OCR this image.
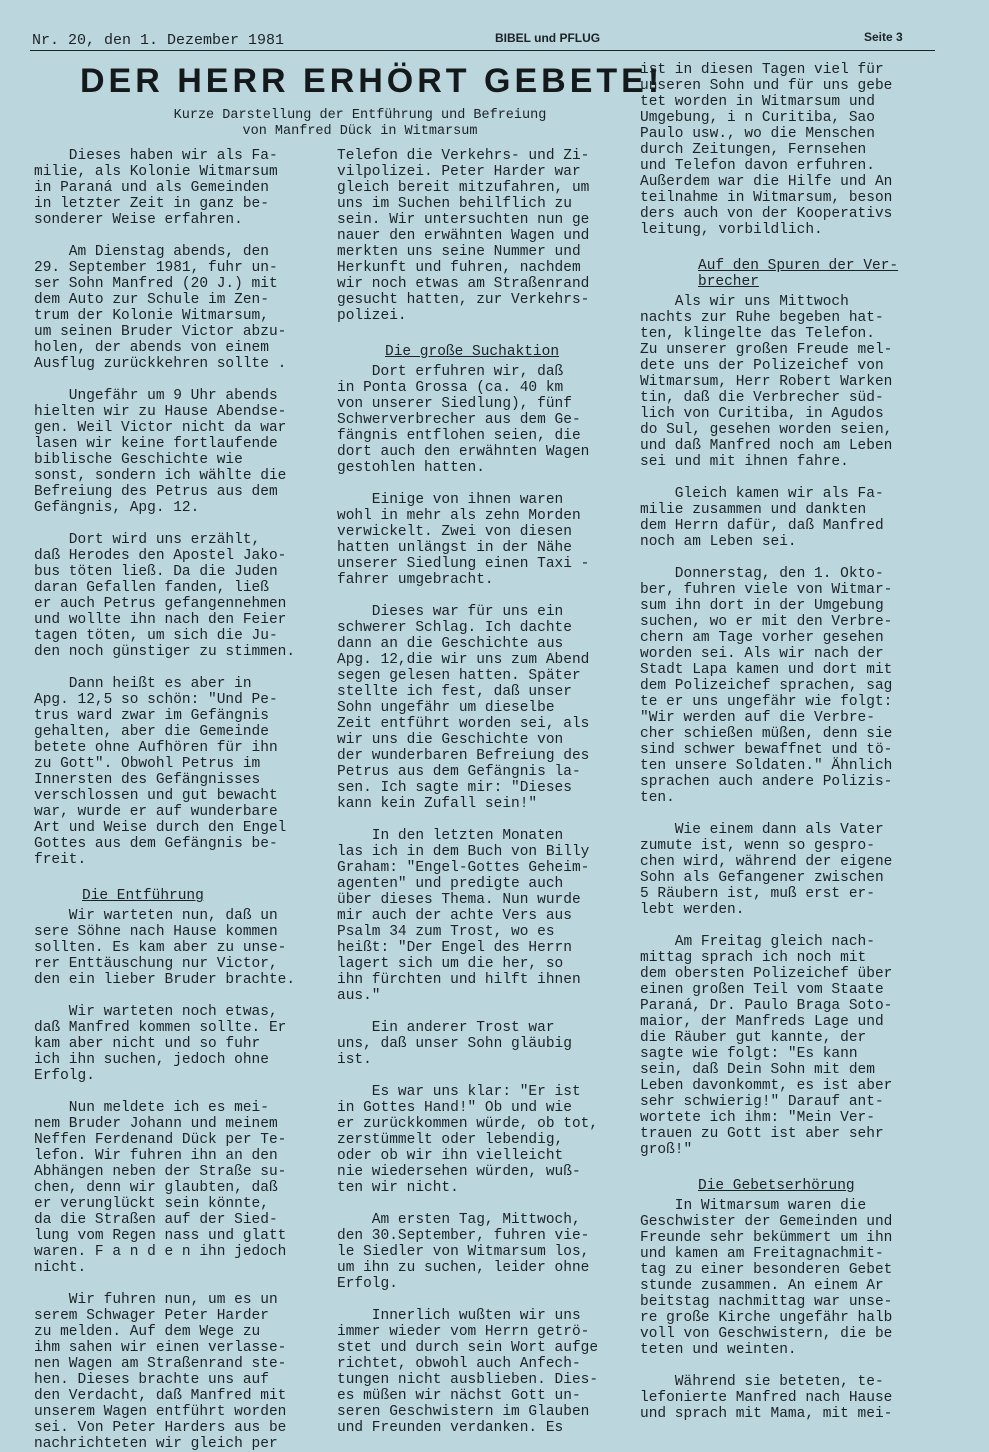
Nr. 20, den 1. Dezember 1981	BIBEL und PFLUG	Seite 3
DER HERR ERHÖRT GEBETE!
Kurze Darstellung der Entführung und Befreiung
von Manfred Dück in Witmarsum
Dieses haben wir als Fa-
milie, als Kolonie Witmarsum
in Paraná und als Gemeinden
in letzter Zeit in ganz be-
sonderer Weise erfahren.

Am Dienstag abends, den
29. September 1981, fuhr un-
ser Sohn Manfred (20 J.) mit
dem Auto zur Schule im Zen-
trum der Kolonie Witmarsum,
um seinen Bruder Victor abzu-
holen, der abends von einem
Ausflug zurückkehren sollte .

Ungefähr um 9 Uhr abends
hielten wir zu Hause Abendse-
gen. Weil Victor nicht da war
lasen wir keine fortlaufende
biblische Geschichte wie
sonst, sondern ich wählte die
Befreiung des Petrus aus dem
Gefängnis, Apg. 12.

Dort wird uns erzählt,
daß Herodes den Apostel Jako-
bus töten ließ. Da die Juden
daran Gefallen fanden, ließ
er auch Petrus gefangennehmen
und wollte ihn nach den Feier
tagen töten, um sich die Ju-
den noch günstiger zu stimmen.

Dann heißt es aber in
Apg. 12,5 so schön: "Und Pe-
trus ward zwar im Gefängnis
gehalten, aber die Gemeinde
betete ohne Aufhören für ihn
zu Gott". Obwohl Petrus im
Innersten des Gefängnisses
verschlossen und gut bewacht
war, wurde er auf wunderbare
Art und Weise durch den Engel
Gottes aus dem Gefängnis be-
freit.

Die Entführung

Wir warteten nun, daß un
sere Söhne nach Hause kommen
sollten. Es kam aber zu unse-
rer Enttäuschung nur Victor,
den ein lieber Bruder brachte.

Wir warteten noch etwas,
daß Manfred kommen sollte. Er
kam aber nicht und so fuhr
ich ihn suchen, jedoch ohne
Erfolg.

Nun meldete ich es mei-
nem Bruder Johann und meinem
Neffen Ferdenand Dück per Te-
lefon. Wir fuhren ihn an den
Abhängen neben der Straße su-
chen, denn wir glaubten, daß
er verunglückt sein könnte,
da die Straßen auf der Sied-
lung vom Regen nass und glatt
waren. F a n d e n ihn jedoch
nicht.

Wir fuhren nun, um es un
serem Schwager Peter Harder
zu melden. Auf dem Wege zu
ihm sahen wir einen verlasse-
nen Wagen am Straßenrand ste-
hen. Dieses brachte uns auf
den Verdacht, daß Manfred mit
unserem Wagen entführt worden
sei. Von Peter Harders aus be
nachrichteten wir gleich per
Telefon die Verkehrs- und Zi-
vilpolizei. Peter Harder war
gleich bereit mitzufahren, um
uns im Suchen behilflich zu
sein. Wir untersuchten nun ge
nauer den erwähnten Wagen und
merkten uns seine Nummer und
Herkunft und fuhren, nachdem
wir noch etwas am Straßenrand
gesucht hatten, zur Verkehrs-
polizei.

Die große Suchaktion

Dort erfuhren wir, daß
in Ponta Grossa (ca. 40 km
von unserer Siedlung), fünf
Schwerverbrecher aus dem Ge-
fängnis entflohen seien, die
dort auch den erwähnten Wagen
gestohlen hatten.

Einige von ihnen waren
wohl in mehr als zehn Morden
verwickelt. Zwei von diesen
hatten unlängst in der Nähe
unserer Siedlung einen Taxi -
fahrer umgebracht.

Dieses war für uns ein
schwerer Schlag. Ich dachte
dann an die Geschichte aus
Apg. 12,die wir uns zum Abend
segen gelesen hatten. Später
stellte ich fest, daß unser
Sohn ungefähr um dieselbe
Zeit entführt worden sei, als
wir uns die Geschichte von
der wunderbaren Befreiung des
Petrus aus dem Gefängnis la-
sen. Ich sagte mir: "Dieses
kann kein Zufall sein!"

In den letzten Monaten
las ich in dem Buch von Billy
Graham: "Engel-Gottes Geheim-
agenten" und predigte auch
über dieses Thema. Nun wurde
mir auch der achte Vers aus
Psalm 34 zum Trost, wo es
heißt: "Der Engel des Herrn
lagert sich um die her, so
ihn fürchten und hilft ihnen
aus."

Ein anderer Trost war
uns, daß unser Sohn gläubig
ist.

Es war uns klar: "Er ist
in Gottes Hand!" Ob und wie
er zurückkommen würde, ob tot,
zerstümmelt oder lebendig,
oder ob wir ihn vielleicht
nie wiedersehen würden, wuß-
ten wir nicht.

Am ersten Tag, Mittwoch,
den 30.September, fuhren vie-
le Siedler von Witmarsum los,
um ihn zu suchen, leider ohne
Erfolg.

Innerlich wußten wir uns
immer wieder vom Herrn getrö-
stet und durch sein Wort aufge
richtet, obwohl auch Anfech-
tungen nicht ausblieben. Dies-
es müßen wir nächst Gott un-
seren Geschwistern im Glauben
und Freunden verdanken. Es
ist in diesen Tagen viel für
unseren Sohn und für uns gebe
tet worden in Witmarsum und
Umgebung, i n Curitiba, Sao
Paulo usw., wo die Menschen
durch Zeitungen, Fernsehen
und Telefon davon erfuhren.
Außerdem war die Hilfe und An
teilnahme in Witmarsum, beson
ders auch von der Kooperativs
leitung, vorbildlich.

Auf den Spuren der Ver-
brecher

Als wir uns Mittwoch
nachts zur Ruhe begeben hat-
ten, klingelte das Telefon.
Zu unserer großen Freude mel-
dete uns der Polizeichef von
Witmarsum, Herr Robert Warken
tin, daß die Verbrecher süd-
lich von Curitiba, in Agudos
do Sul, gesehen worden seien,
und daß Manfred noch am Leben
sei und mit ihnen fahre.

Gleich kamen wir als Fa-
milie zusammen und dankten
dem Herrn dafür, daß Manfred
noch am Leben sei.

Donnerstag, den 1. Okto-
ber, fuhren viele von Witmar-
sum ihn dort in der Umgebung
suchen, wo er mit den Verbre-
chern am Tage vorher gesehen
worden sei. Als wir nach der
Stadt Lapa kamen und dort mit
dem Polizeichef sprachen, sag
te er uns ungefähr wie folgt:
"Wir werden auf die Verbre-
cher schießen müßen, denn sie
sind schwer bewaffnet und tö-
ten unsere Soldaten." Ähnlich
sprachen auch andere Polizis-
ten.

Wie einem dann als Vater
zumute ist, wenn so gespro-
chen wird, während der eigene
Sohn als Gefangener zwischen
5 Räubern ist, muß erst er-
lebt werden.

Am Freitag gleich nach-
mittag sprach ich noch mit
dem obersten Polizeichef über
einen großen Teil vom Staate
Paraná, Dr. Paulo Braga Soto-
maior, der Manfreds Lage und
die Räuber gut kannte, der
sagte wie folgt: "Es kann
sein, daß Dein Sohn mit dem
Leben davonkommt, es ist aber
sehr schwierig!" Darauf ant-
wortete ich ihm: "Mein Ver-
trauen zu Gott ist aber sehr
groß!"

Die Gebetserhörung

In Witmarsum waren die
Geschwister der Gemeinden und
Freunde sehr bekümmert um ihn
und kamen am Freitagnachmit-
tag zu einer besonderen Gebet
stunde zusammen. An einem Ar
beitstag nachmittag war unse-
re große Kirche ungefähr halb
voll von Geschwistern, die be
teten und weinten.

Während sie beteten, te-
lefonierte Manfred nach Hause
und sprach mit Mama, mit mei-
